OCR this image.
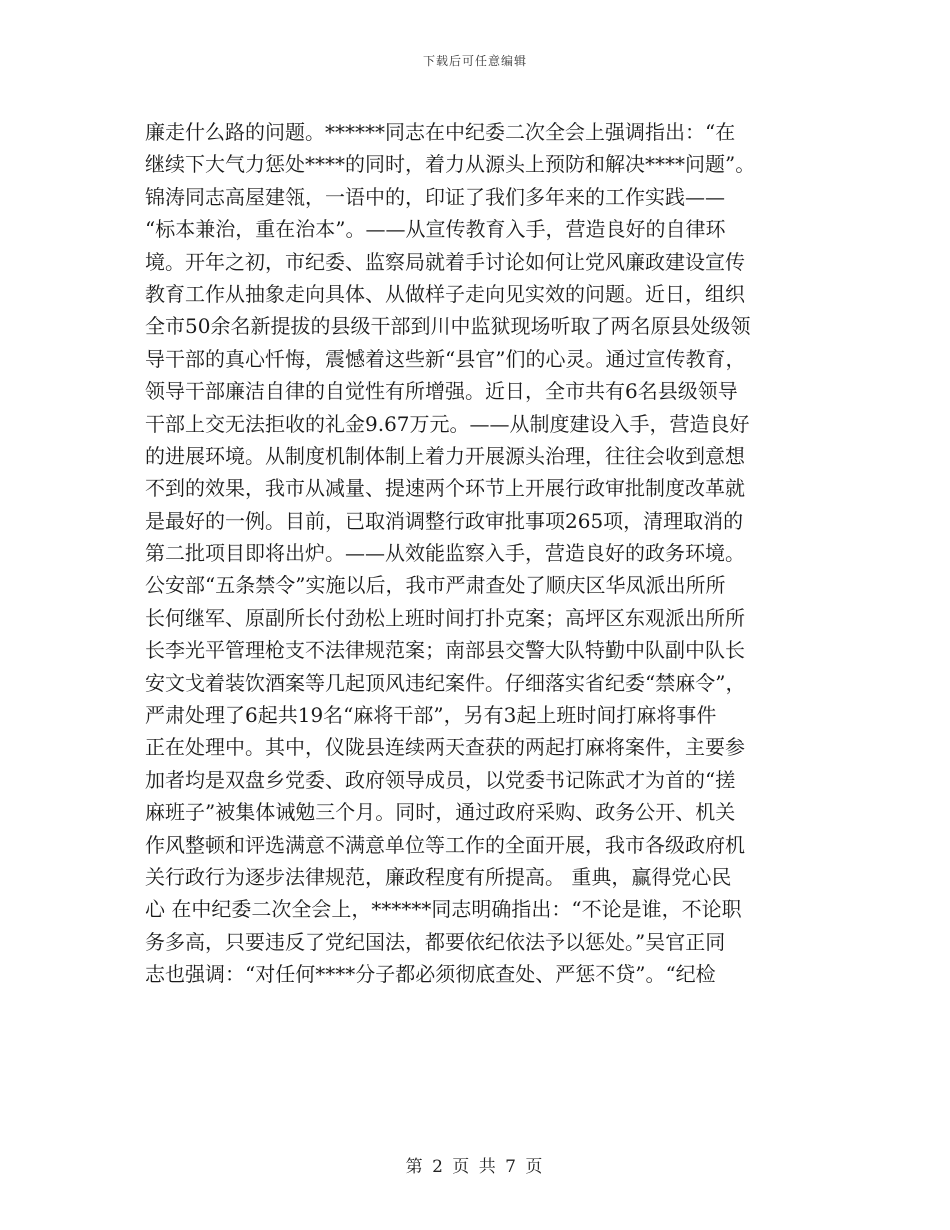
下载后可任意编辑
廉走什么路的问题。******同志在中纪委二次全会上强调指出：“在
继续下大气力惩处****的同时，着力从源头上预防和解决****问题”。
锦涛同志高屋建瓴，一语中的，印证了我们多年来的工作实践——
“标本兼治，重在治本”。——从宣传教育入手，营造良好的自律环
境。开年之初，市纪委、监察局就着手讨论如何让党风廉政建设宣传
教育工作从抽象走向具体、从做样子走向见实效的问题。近日，组织
全市50余名新提拔的县级干部到川中监狱现场听取了两名原县处级领
导干部的真心忏悔，震憾着这些新“县官”们的心灵。通过宣传教育，
领导干部廉洁自律的自觉性有所增强。近日，全市共有6名县级领导
干部上交无法拒收的礼金9.67万元。——从制度建设入手，营造良好
的进展环境。从制度机制体制上着力开展源头治理，往往会收到意想
不到的效果，我市从减量、提速两个环节上开展行政审批制度改革就
是最好的一例。目前，已取消调整行政审批事项265项，清理取消的
第二批项目即将出炉。——从效能监察入手，营造良好的政务环境。
公安部“五条禁令”实施以后，我市严肃查处了顺庆区华凤派出所所
长何继军、原副所长付劲松上班时间打扑克案；高坪区东观派出所所
长李光平管理枪支不法律规范案；南部县交警大队特勤中队副中队长
安文戈着装饮酒案等几起顶风违纪案件。仔细落实省纪委“禁麻令”，
严肃处理了6起共19名“麻将干部”，另有3起上班时间打麻将事件
正在处理中。其中，仪陇县连续两天查获的两起打麻将案件，主要参
加者均是双盘乡党委、政府领导成员，以党委书记陈武才为首的“搓
麻班子”被集体诫勉三个月。同时，通过政府采购、政务公开、机关
作风整顿和评选满意不满意单位等工作的全面开展，我市各级政府机
关行政行为逐步法律规范，廉政程度有所提高。 重典，赢得党心民
心 在中纪委二次全会上，******同志明确指出：“不论是谁，不论职
务多高，只要违反了党纪国法，都要依纪依法予以惩处。”吴官正同
志也强调：“对任何****分子都必须彻底查处、严惩不贷”。“纪检
第 2 页 共 7 页
